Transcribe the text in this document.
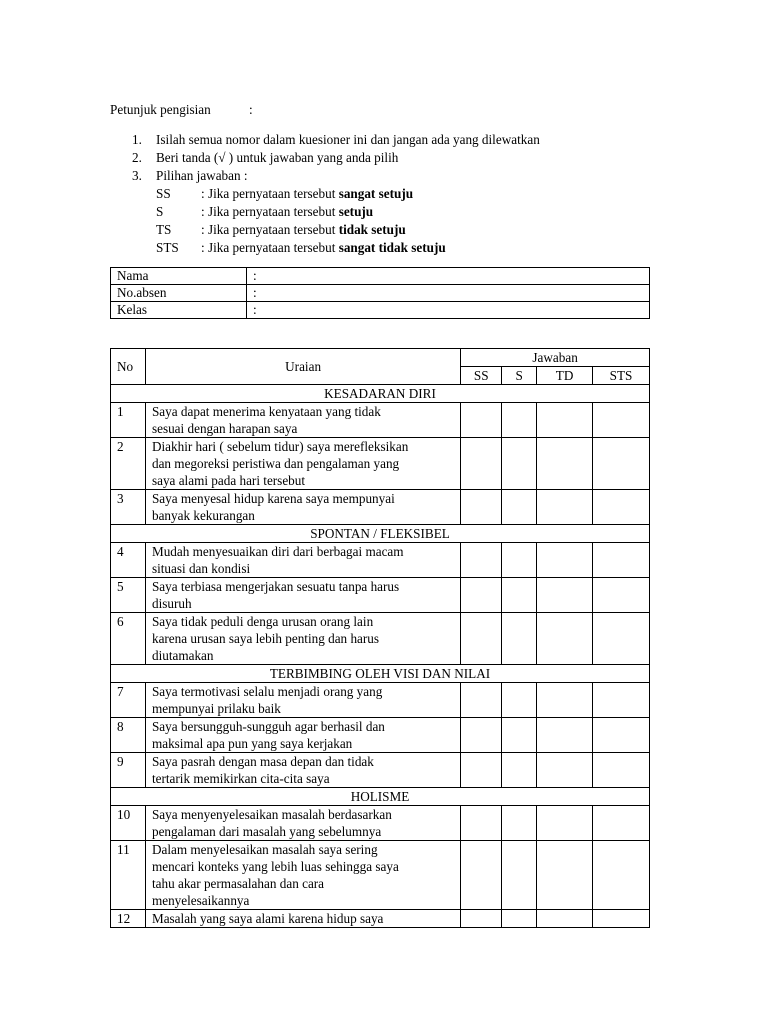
Petunjuk pengisian	:
1. Isilah semua nomor dalam kuesioner ini dan jangan ada yang dilewatkan
2. Beri tanda (√ ) untuk jawaban yang anda pilih
3. Pilihan jawaban :
SS : Jika pernyataan tersebut sangat setuju
S	: Jika pernyataan tersebut setuju
TS : Jika pernyataan tersebut tidak setuju
STS : Jika pernyataan tersebut sangat tidak setuju
Nama	:
No.absen	:
Kelas	:
No	Uraian	Jawaban			
		SS	S	TD	STS
KESADARAN DIRI					
1	Saya dapat menerima kenyataan yang tidak
sesuai dengan harapan saya				

2	Diakhir hari ( sebelum tidur) saya merefleksikan
dan megoreksi peristiwa dan pengalaman yang
saya alami pada hari tersebut				

3	Saya menyesal hidup karena saya mempunyai
banyak kekurangan				

SPONTAN / FLEKSIBEL					
4	Mudah menyesuaikan diri dari berbagai macam
situasi dan kondisi				

5	Saya terbiasa mengerjakan sesuatu tanpa harus
disuruh				

6	Saya tidak peduli denga urusan orang lain
karena urusan saya lebih penting dan harus
diutamakan				

TERBIMBING OLEH VISI DAN NILAI					
7	Saya termotivasi selalu menjadi orang yang
mempunyai prilaku baik				

8	Saya bersungguh-sungguh agar berhasil dan
maksimal apa pun yang saya kerjakan				

9	Saya pasrah dengan masa depan dan tidak
tertarik memikirkan cita-cita saya				

HOLISME					
10	Saya menyenyelesaikan masalah berdasarkan
pengalaman dari masalah yang sebelumnya				

11	Dalam menyelesaikan masalah saya sering
mencari konteks yang lebih luas sehingga saya
tahu akar permasalahan dan cara
menyelesaikannya				

12	Masalah yang saya alami karena hidup saya				
